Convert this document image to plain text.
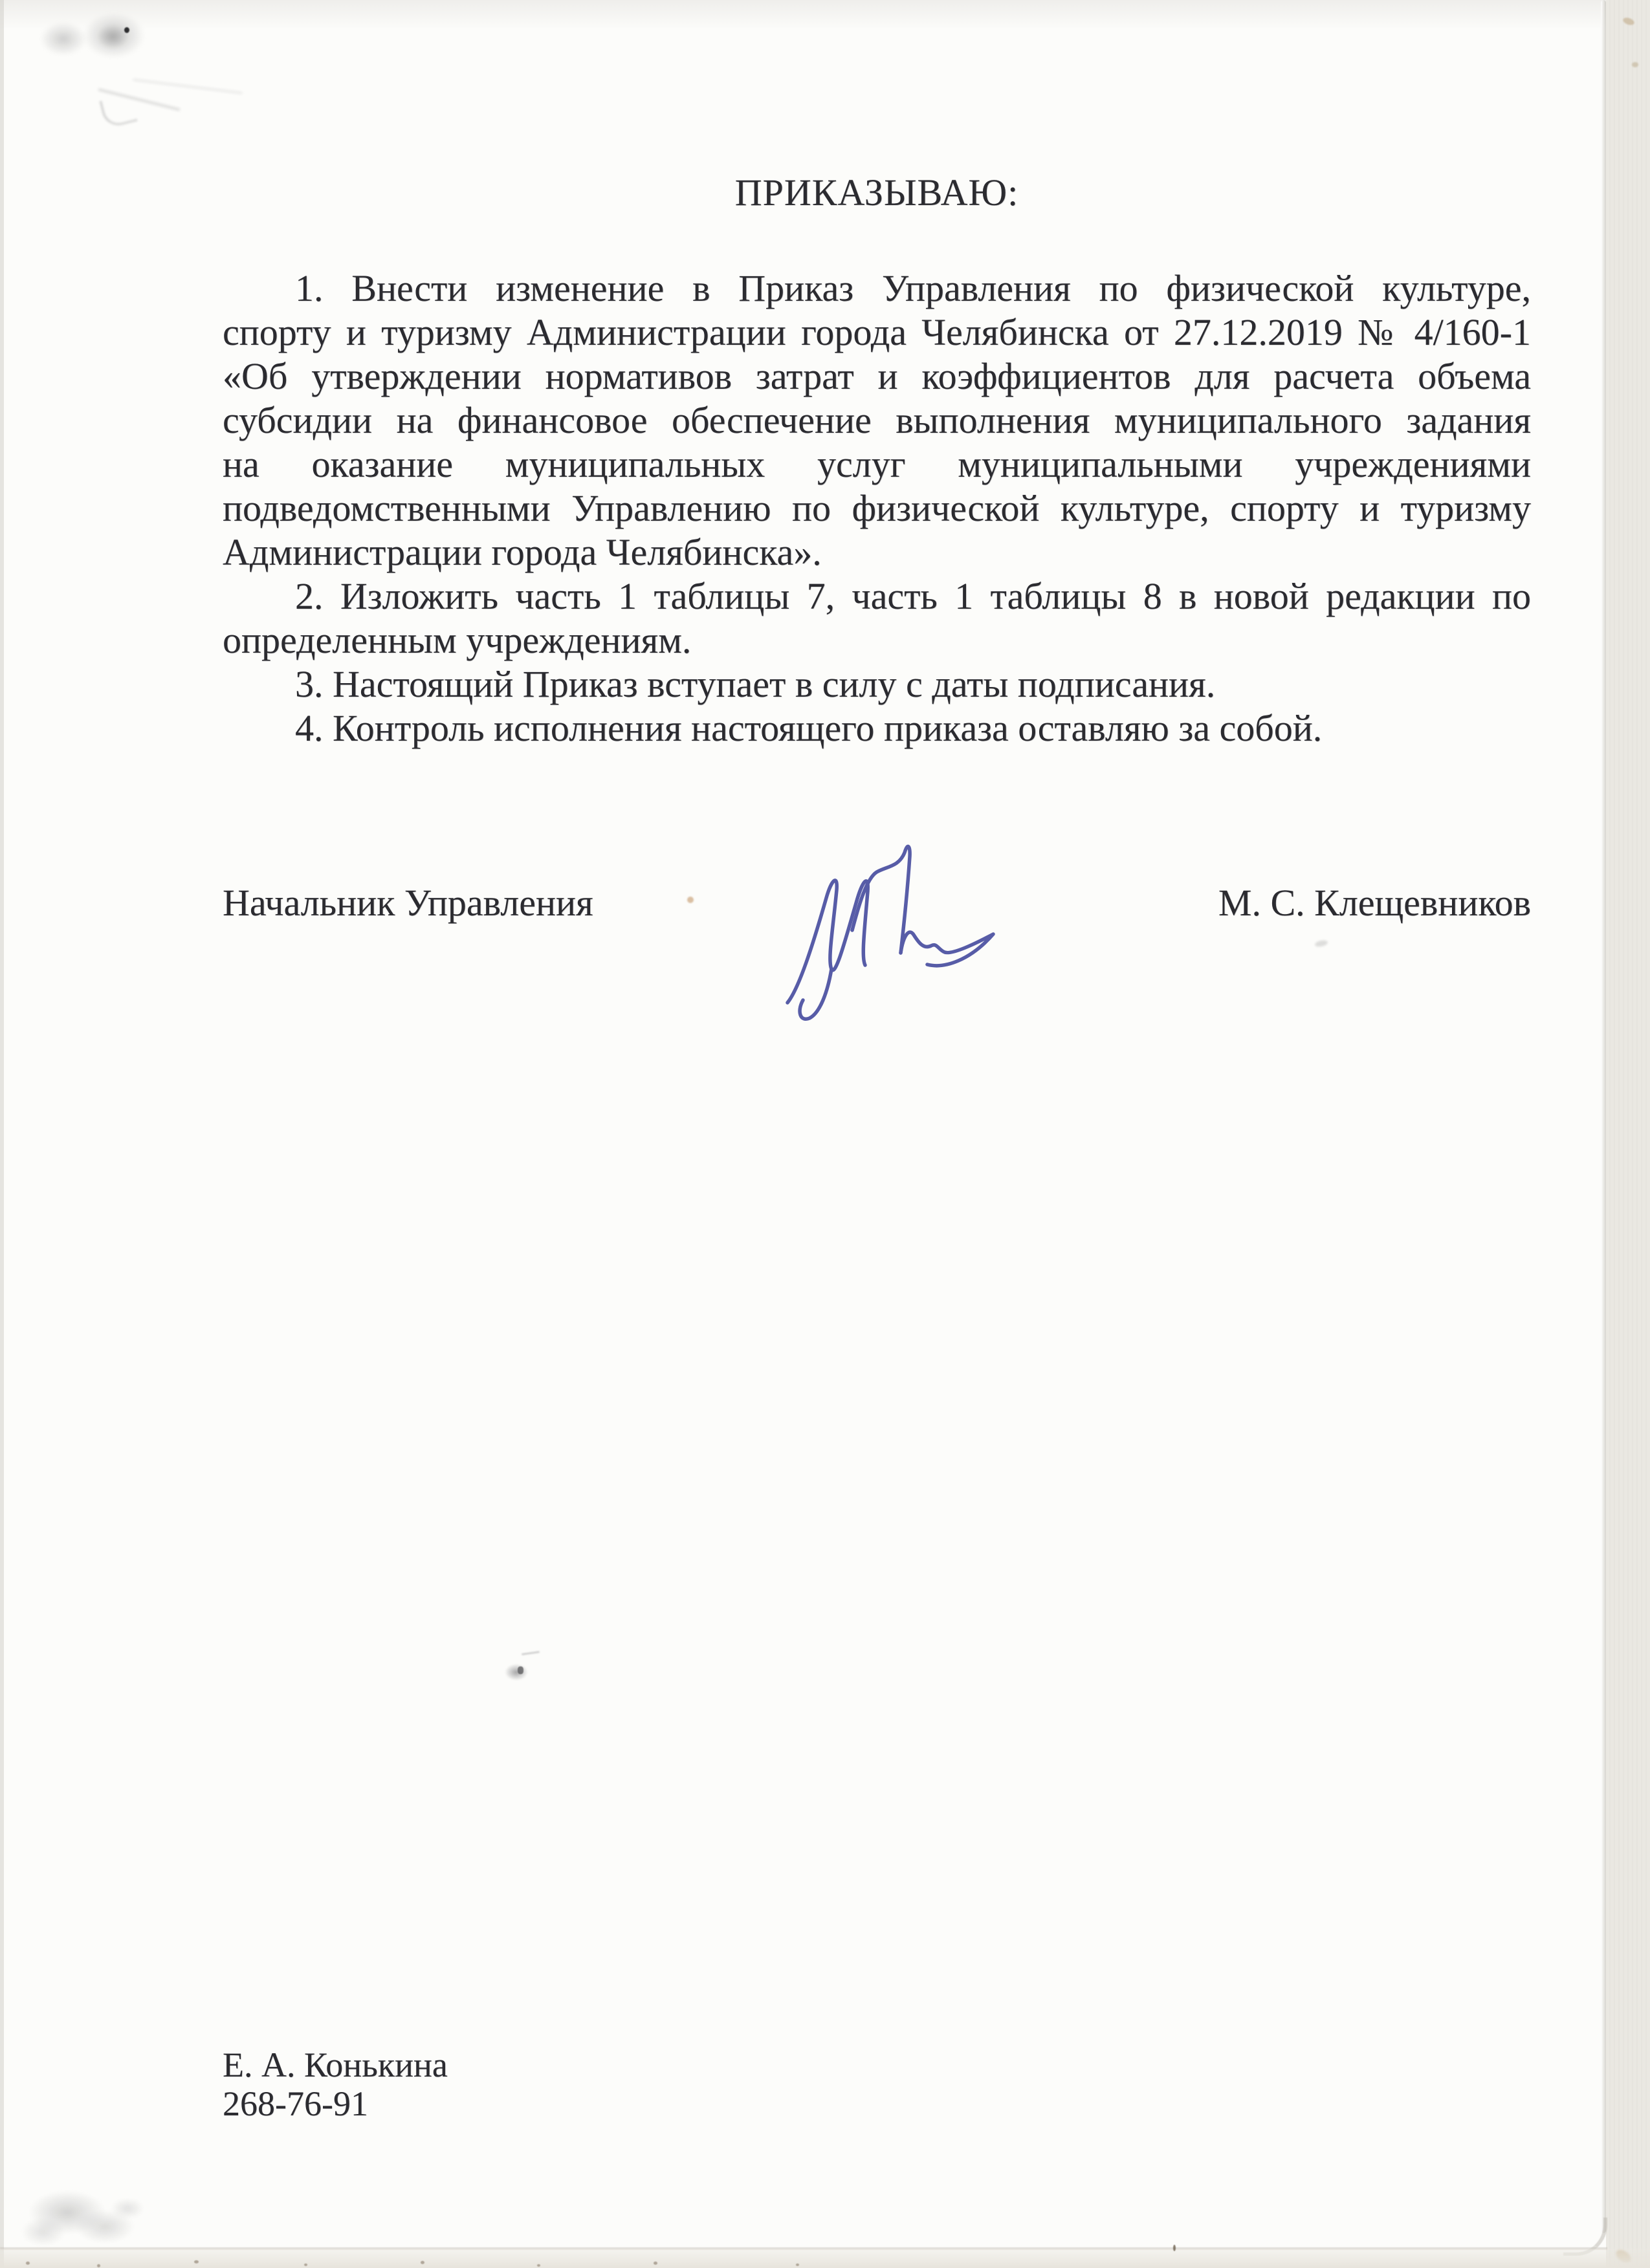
ПРИКАЗЫВАЮ:
1. Внести изменение в Приказ Управления по физической культуре,
спорту и туризму Администрации города Челябинска от 27.12.2019 № 4/160-1
«Об утверждении нормативов затрат и коэффициентов для расчета объема
субсидии на финансовое обеспечение выполнения муниципального задания
на оказание муниципальных услуг муниципальными учреждениями
подведомственными Управлению по физической культуре, спорту и туризму
Администрации города Челябинска».
2. Изложить часть 1 таблицы 7, часть 1 таблицы 8 в новой редакции по
определенным учреждениям.
3. Настоящий Приказ вступает в силу с даты подписания.
4. Контроль исполнения настоящего приказа оставляю за собой.
Начальник Управления	М. С. Клещевников
Е. А. Конькина
268-76-91
